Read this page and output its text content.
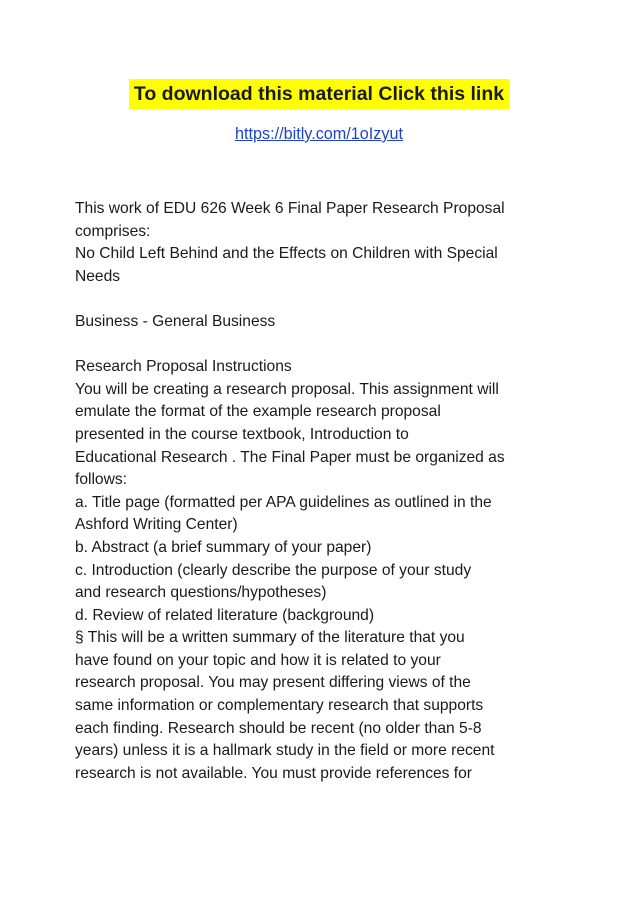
To download this material Click this link
https://bitly.com/1oIzyut
This work of EDU 626 Week 6 Final Paper Research Proposal
comprises:
No Child Left Behind and the Effects on Children with Special
Needs
Business - General Business
Research Proposal Instructions
You will be creating a research proposal. This assignment will
emulate the format of the example research proposal
presented in the course textbook, Introduction to
Educational Research . The Final Paper must be organized as
follows:
a. Title page (formatted per APA guidelines as outlined in the
Ashford Writing Center)
b. Abstract (a brief summary of your paper)
c. Introduction (clearly describe the purpose of your study
and research questions/hypotheses)
d. Review of related literature (background)
§ This will be a written summary of the literature that you
have found on your topic and how it is related to your
research proposal. You may present differing views of the
same information or complementary research that supports
each finding. Research should be recent (no older than 5-8
years) unless it is a hallmark study in the field or more recent
research is not available. You must provide references for
